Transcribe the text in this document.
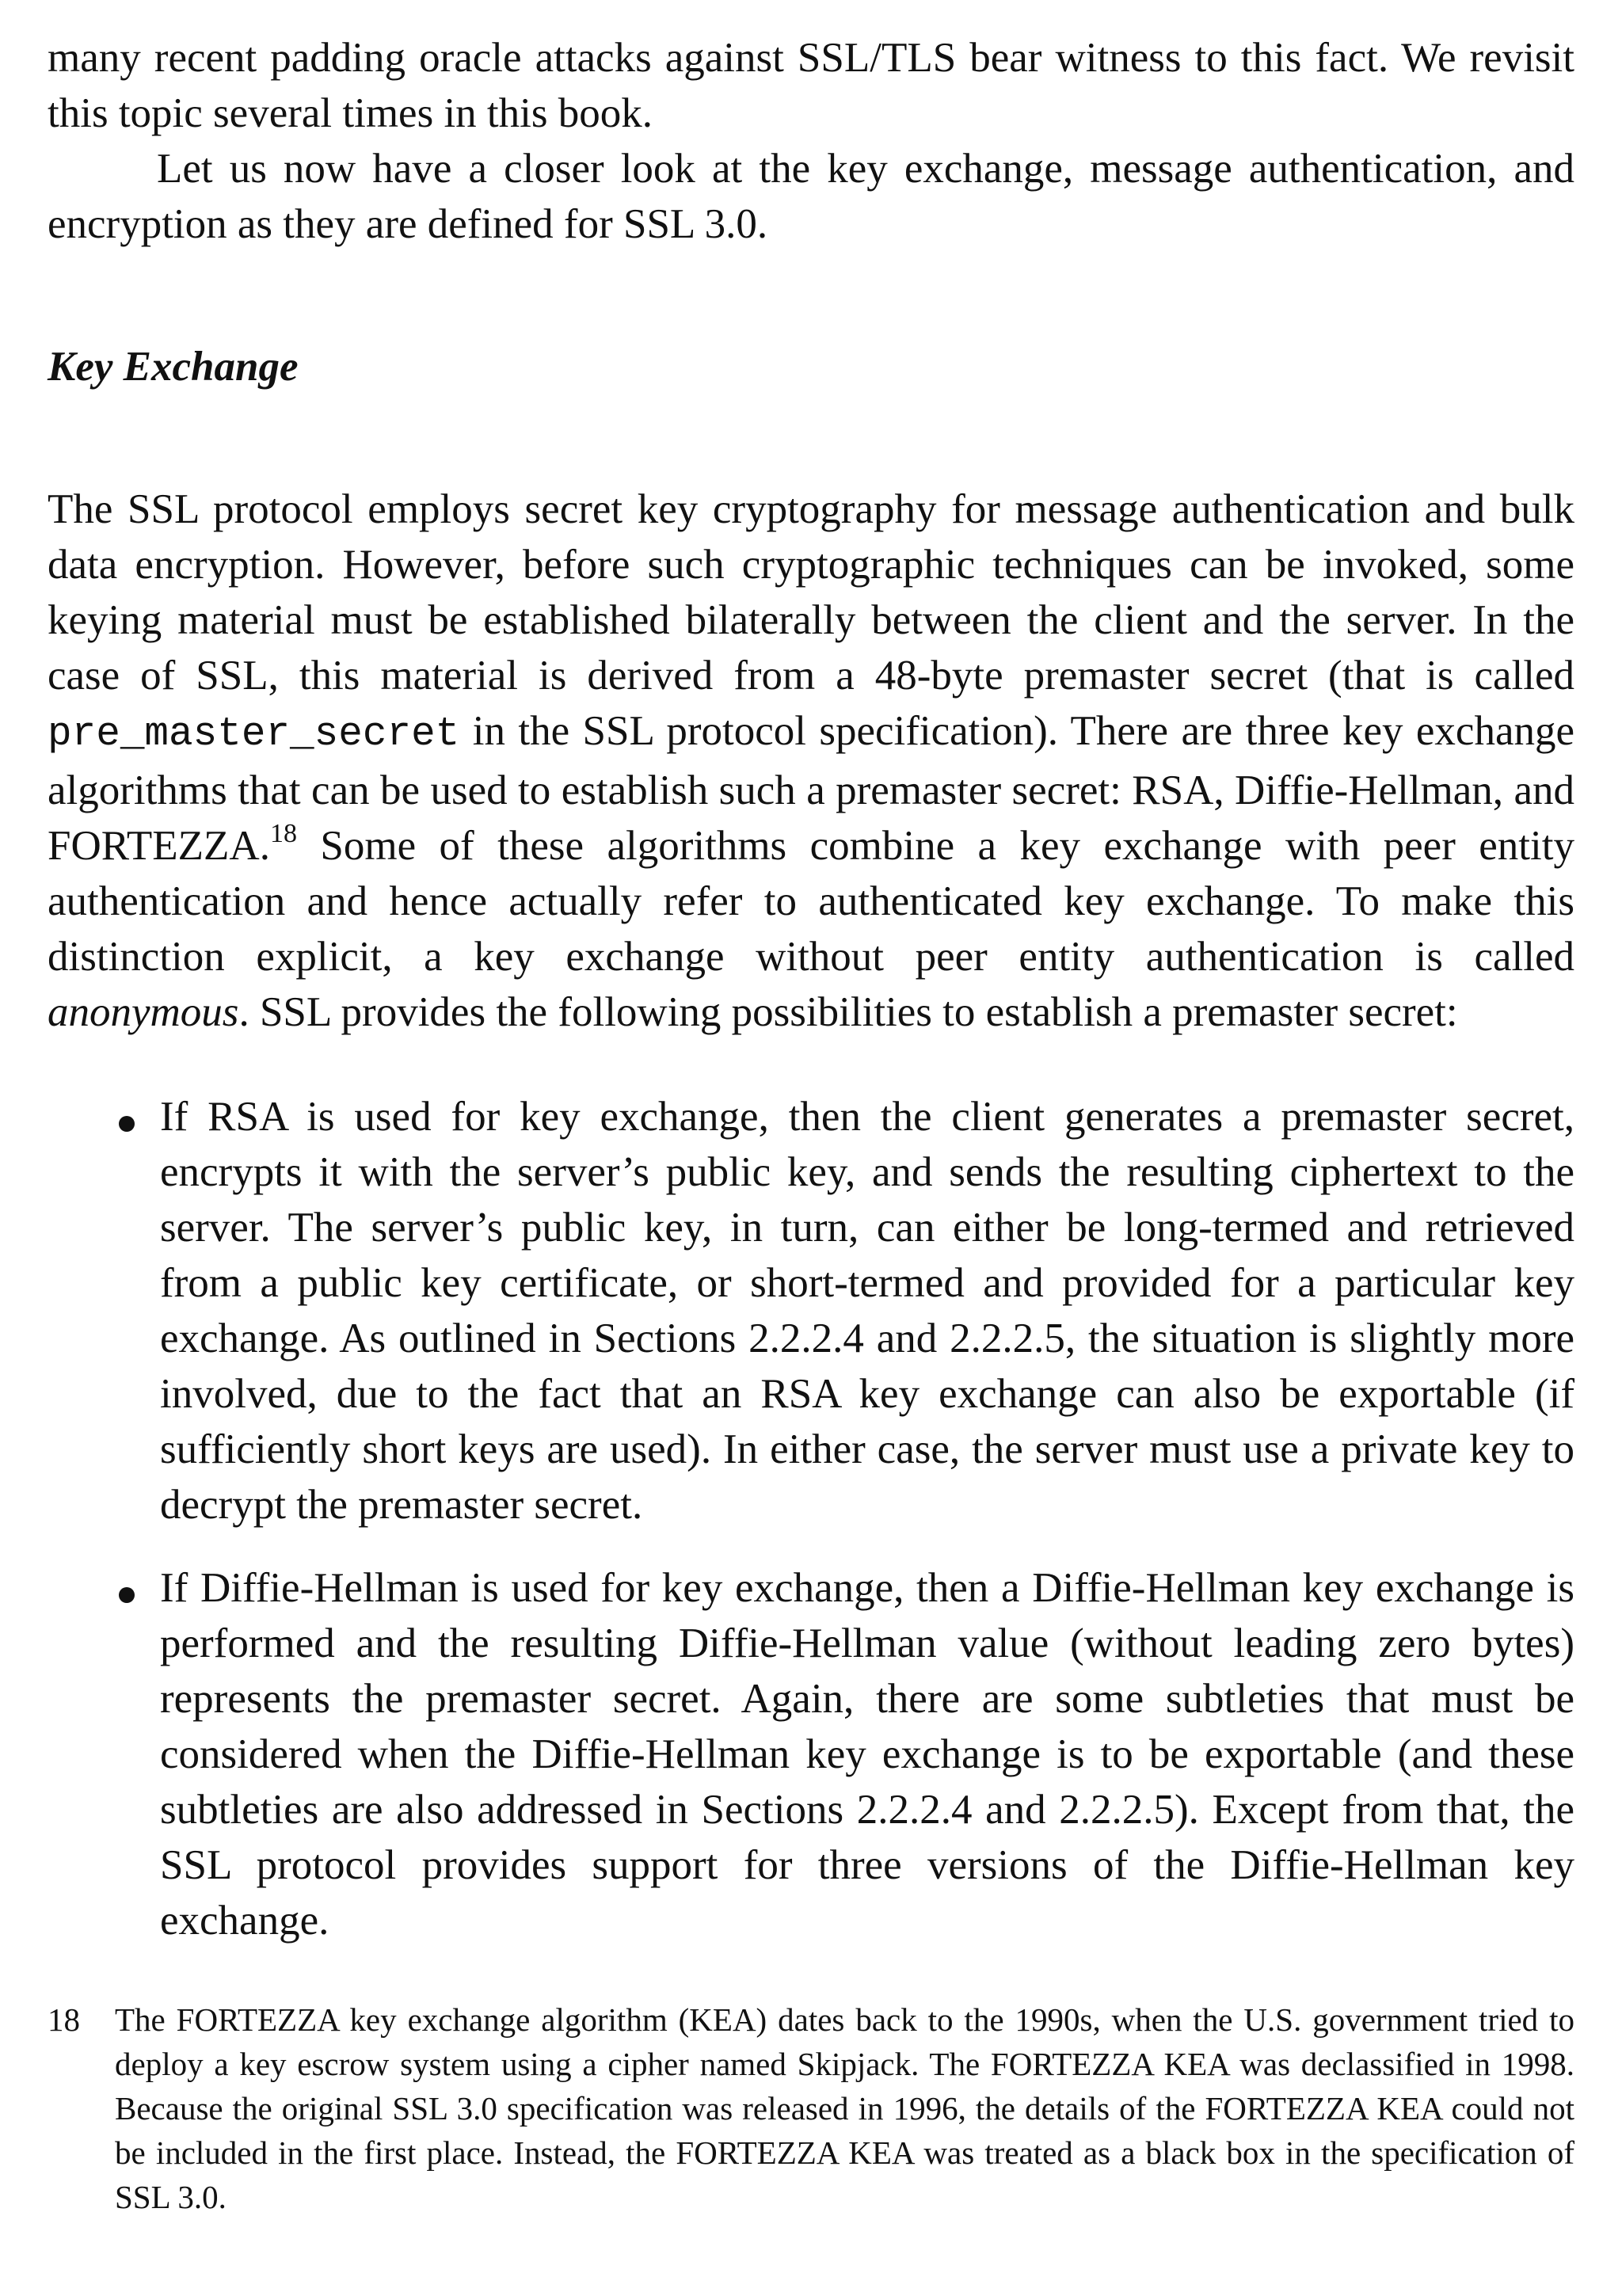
many recent padding oracle attacks against SSL/TLS bear witness to this fact. We revisit this topic several times in this book.

Let us now have a closer look at the key exchange, message authentication, and encryption as they are defined for SSL 3.0.

Key Exchange

The SSL protocol employs secret key cryptography for message authentication and bulk data encryption. However, before such cryptographic techniques can be invoked, some keying material must be established bilaterally between the client and the server. In the case of SSL, this material is derived from a 48-byte premaster secret (that is called pre_master_secret in the SSL protocol specification). There are three key exchange algorithms that can be used to establish such a premaster secret: RSA, Diffie-Hellman, and FORTEZZA.$^{18}$ Some of these algorithms combine a key exchange with peer entity authentication and hence actually refer to authenticated key exchange. To make this distinction explicit, a key exchange without peer entity authentication is called anonymous. SSL provides the following possibilities to establish a premaster secret:

If RSA is used for key exchange, then the client generates a premaster secret, encrypts it with the server’s public key, and sends the resulting ciphertext to the server. The server’s public key, in turn, can either be long-termed and retrieved from a public key certificate, or short-termed and provided for a particular key exchange. As outlined in Sections 2.2.2.4 and 2.2.2.5, the situation is slightly more involved, due to the fact that an RSA key exchange can also be exportable (if sufficiently short keys are used). In either case, the server must use a private key to decrypt the premaster secret.

If Diffie-Hellman is used for key exchange, then a Diffie-Hellman key exchange is performed and the resulting Diffie-Hellman value (without leading zero bytes) represents the premaster secret. Again, there are some subtleties that must be considered when the Diffie-Hellman key exchange is to be exportable (and these subtleties are also addressed in Sections 2.2.2.4 and 2.2.2.5). Except from that, the SSL protocol provides support for three versions of the Diffie-Hellman key exchange.

18 The FORTEZZA key exchange algorithm (KEA) dates back to the 1990s, when the U.S. government tried to deploy a key escrow system using a cipher named Skipjack. The FORTEZZA KEA was declassified in 1998. Because the original SSL 3.0 specification was released in 1996, the details of the FORTEZZA KEA could not be included in the first place. Instead, the FORTEZZA KEA was treated as a black box in the specification of SSL 3.0.
